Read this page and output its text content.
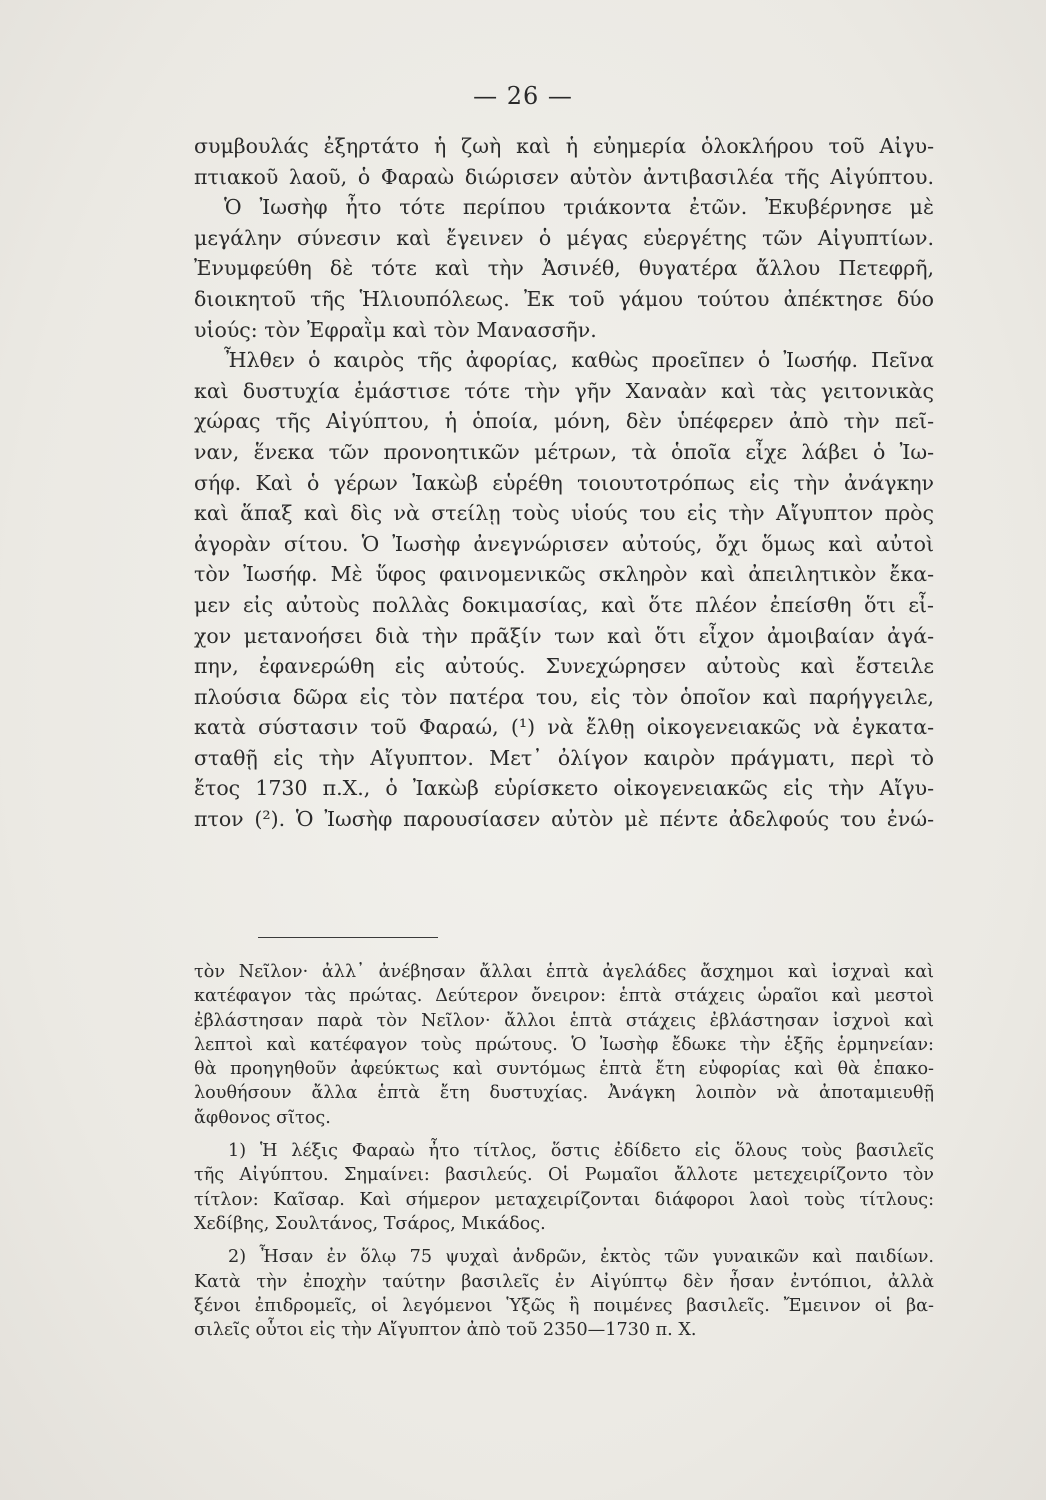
— 26 —
συμβουλάς ἐξηρτάτο ἡ ζωὴ καὶ ἡ εὐημερία ὁλοκλήρου τοῦ Αἰγυ-
πτιακοῦ λαοῦ, ὁ Φαραὼ διώρισεν αὐτὸν ἀντιβασιλέα τῆς Αἰγύπτου.
Ὁ Ἰωσὴφ ἦτο τότε περίπου τριάκοντα ἐτῶν. Ἐκυβέρνησε μὲ
μεγάλην σύνεσιν καὶ ἔγεινεν ὁ μέγας εὐεργέτης τῶν Αἰγυπτίων.
Ἐνυμφεύθη δὲ τότε καὶ τὴν Ἀσινέθ, θυγατέρα ἄλλου Πετεφρῆ,
διοικητοῦ τῆς Ἡλιουπόλεως. Ἐκ τοῦ γάμου τούτου ἀπέκτησε δύο
υἱούς: τὸν Ἐφραῒμ καὶ τὸν Μανασσῆν.
Ἦλθεν ὁ καιρὸς τῆς ἀφορίας, καθὼς προεῖπεν ὁ Ἰωσήφ. Πεῖνα
καὶ δυστυχία ἐμάστισε τότε τὴν γῆν Χαναὰν καὶ τὰς γειτονικὰς
χώρας τῆς Αἰγύπτου, ἡ ὁποία, μόνη, δὲν ὑπέφερεν ἀπὸ τὴν πεῖ-
ναν, ἕνεκα τῶν προνοητικῶν μέτρων, τὰ ὁποῖα εἶχε λάβει ὁ Ἰω-
σήφ. Καὶ ὁ γέρων Ἰακὼβ εὑρέθη τοιουτοτρόπως εἰς τὴν ἀνάγκην
καὶ ἅπαξ καὶ δὶς νὰ στείλῃ τοὺς υἱούς του εἰς τὴν Αἴγυπτον πρὸς
ἀγορὰν σίτου. Ὁ Ἰωσὴφ ἀνεγνώρισεν αὐτούς, ὄχι ὅμως καὶ αὐτοὶ
τὸν Ἰωσήφ. Μὲ ὕφος φαινομενικῶς σκληρὸν καὶ ἀπειλητικὸν ἔκα-
μεν εἰς αὐτοὺς πολλὰς δοκιμασίας, καὶ ὅτε πλέον ἐπείσθη ὅτι εἶ-
χον μετανοήσει διὰ τὴν πρᾶξίν των καὶ ὅτι εἶχον ἀμοιβαίαν ἀγά-
πην, ἐφανερώθη εἰς αὐτούς. Συνεχώρησεν αὐτοὺς καὶ ἔστειλε
πλούσια δῶρα εἰς τὸν πατέρα του, εἰς τὸν ὁποῖον καὶ παρήγγειλε,
κατὰ σύστασιν τοῦ Φαραώ, (¹) νὰ ἔλθῃ οἰκογενειακῶς νὰ ἐγκατα-
σταθῇ εἰς τὴν Αἴγυπτον. Μετ᾽ ὀλίγον καιρὸν πράγματι, περὶ τὸ
ἔτος 1730 π.Χ., ὁ Ἰακὼβ εὑρίσκετο οἰκογενειακῶς εἰς τὴν Αἴγυ-
πτον (²). Ὁ Ἰωσὴφ παρουσίασεν αὐτὸν μὲ πέντε ἀδελφούς του ἐνώ-
τὸν Νεῖλον· ἀλλ᾽ ἀνέβησαν ἄλλαι ἑπτὰ ἀγελάδες ἄσχημοι καὶ ἰσχναὶ καὶ
κατέφαγον τὰς πρώτας. Δεύτερον ὄνειρον: ἑπτὰ στάχεις ὡραῖοι καὶ μεστοὶ
ἐβλάστησαν παρὰ τὸν Νεῖλον· ἄλλοι ἑπτὰ στάχεις ἐβλάστησαν ἰσχνοὶ καὶ
λεπτοὶ καὶ κατέφαγον τοὺς πρώτους. Ὁ Ἰωσὴφ ἔδωκε τὴν ἑξῆς ἑρμηνείαν:
θὰ προηγηθοῦν ἀφεύκτως καὶ συντόμως ἑπτὰ ἔτη εὐφορίας καὶ θὰ ἐπακο-
λουθήσουν ἄλλα ἑπτὰ ἔτη δυστυχίας. Ἀνάγκη λοιπὸν νὰ ἀποταμιευθῇ
ἄφθονος σῖτος.
1) Ἡ λέξις Φαραὼ ἦτο τίτλος, ὅστις ἐδίδετο εἰς ὅλους τοὺς βασιλεῖς
τῆς Αἰγύπτου. Σημαίνει: βασιλεύς. Οἱ Ρωμαῖοι ἄλλοτε μετεχειρίζοντο τὸν
τίτλον: Καῖσαρ. Καὶ σήμερον μεταχειρίζονται διάφοροι λαοὶ τοὺς τίτλους:
Χεδίβης, Σουλτάνος, Τσάρος, Μικάδος.
2) Ἦσαν ἐν ὅλῳ 75 ψυχαὶ ἀνδρῶν, ἐκτὸς τῶν γυναικῶν καὶ παιδίων.
Κατὰ τὴν ἐποχὴν ταύτην βασιλεῖς ἐν Αἰγύπτῳ δὲν ἦσαν ἐντόπιοι, ἀλλὰ
ξένοι ἐπιδρομεῖς, οἱ λεγόμενοι Ὑξῶς ἢ ποιμένες βασιλεῖς. Ἔμεινον οἱ βα-
σιλεῖς οὗτοι εἰς τὴν Αἴγυπτον ἀπὸ τοῦ 2350—1730 π. Χ.
